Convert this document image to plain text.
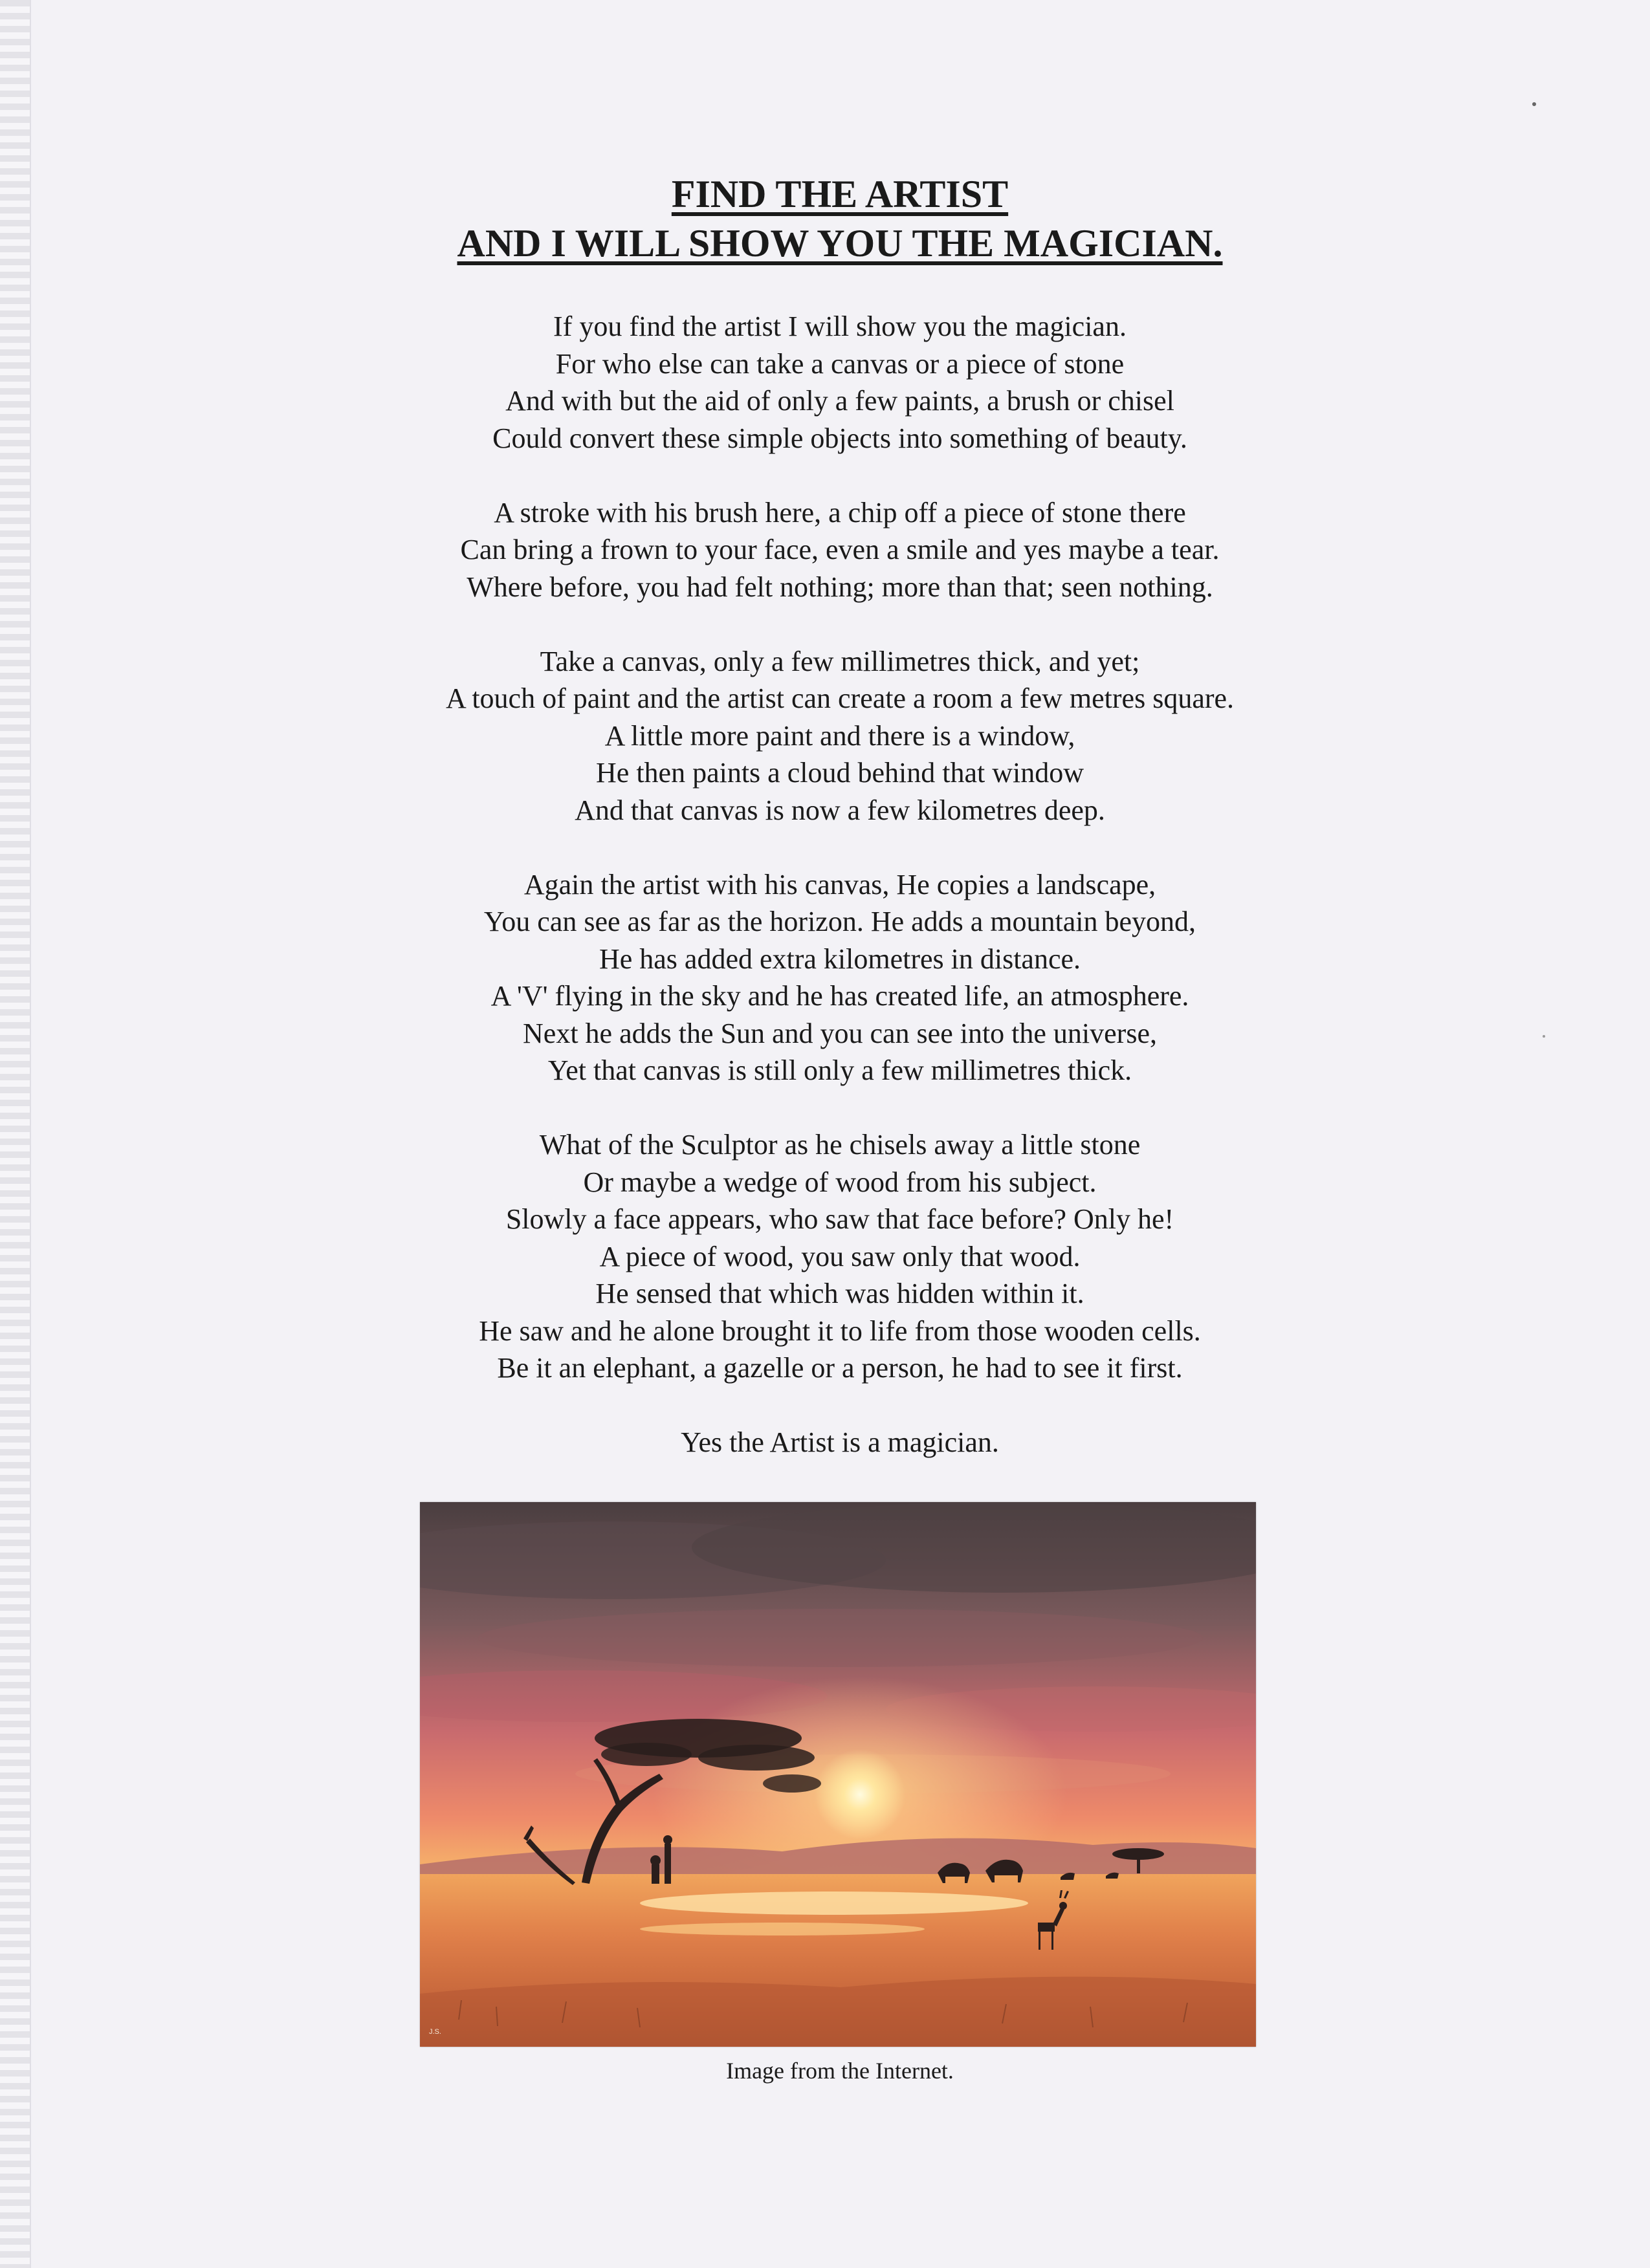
FIND THE ARTIST
AND I WILL SHOW YOU THE MAGICIAN.
If you find the artist I will show you the magician.
For who else can take a canvas or a piece of stone
And with but the aid of only a few paints, a brush or chisel
Could convert these simple objects into something of beauty.
A stroke with his brush here, a chip off a piece of stone there
Can bring a frown to your face, even a smile and yes maybe a tear.
Where before, you had felt nothing; more than that; seen nothing.
Take a canvas, only a few millimetres thick, and yet;
A touch of paint and the artist can create a room a few metres square.
A little more paint and there is a window,
He then paints a cloud behind that window
And that canvas is now a few kilometres deep.
Again the artist with his canvas, He copies a landscape,
You can see as far as the horizon. He adds a mountain beyond,
He has added extra kilometres in distance.
A 'V' flying in the sky and he has created life, an atmosphere.
Next he adds the Sun and you can see into the universe,
Yet that canvas is still only a few millimetres thick.
What of the Sculptor as he chisels away a little stone
Or maybe a wedge of wood from his subject.
Slowly a face appears, who saw that face before? Only he!
A piece of wood, you saw only that wood.
He sensed that which was hidden within it.
He saw and he alone brought it to life from those wooden cells.
Be it an elephant, a gazelle or a person, he had to see it first.
Yes the Artist is a magician.
J.S.
Image from the Internet.
